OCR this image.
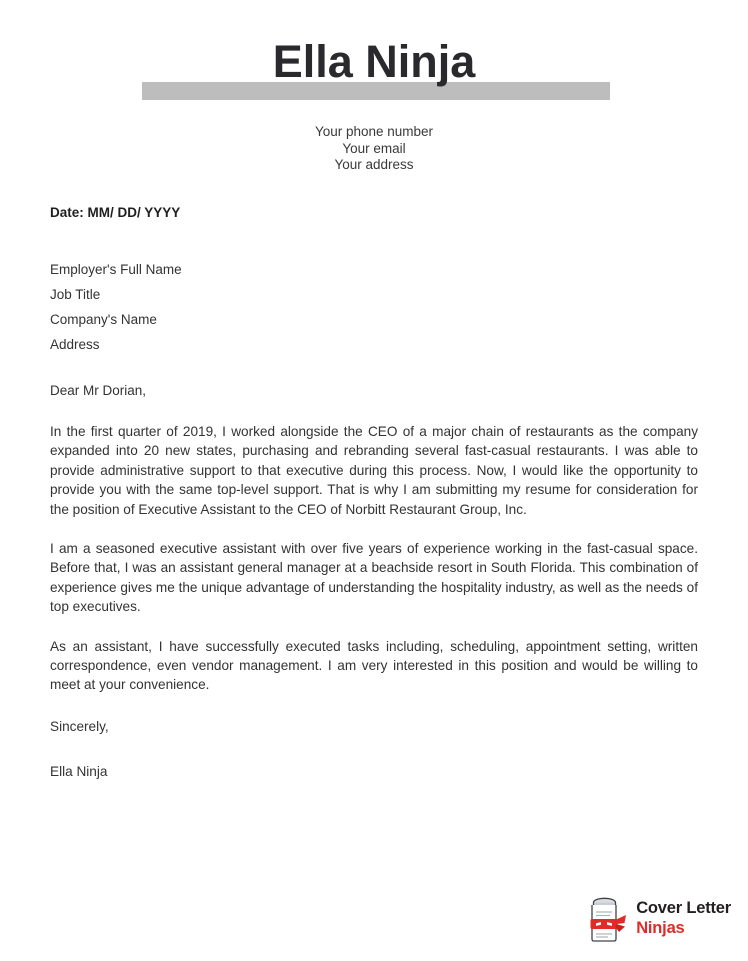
Ella Ninja
Your phone number
Your email
Your address
Date: MM/ DD/ YYYY
Employer's Full Name
Job Title
Company's Name
Address
Dear Mr Dorian,

In the first quarter of 2019, I worked alongside the CEO of a major chain of restaurants as the company expanded into 20 new states, purchasing and rebranding several fast-casual restaurants. I was able to provide administrative support to that executive during this process. Now, I would like the opportunity to provide you with the same top-level support. That is why I am submitting my resume for consideration for the position of Executive Assistant to the CEO of Norbitt Restaurant Group, Inc.

I am a seasoned executive assistant with over five years of experience working in the fast-casual space. Before that, I was an assistant general manager at a beachside resort in South Florida. This combination of experience gives me the unique advantage of understanding the hospitality industry, as well as the needs of top executives.

As an assistant, I have successfully executed tasks including, scheduling, appointment setting, written correspondence, even vendor management. I am very interested in this position and would be willing to meet at your convenience.

Sincerely,
Ella Ninja
Cover Letter
Ninjas
